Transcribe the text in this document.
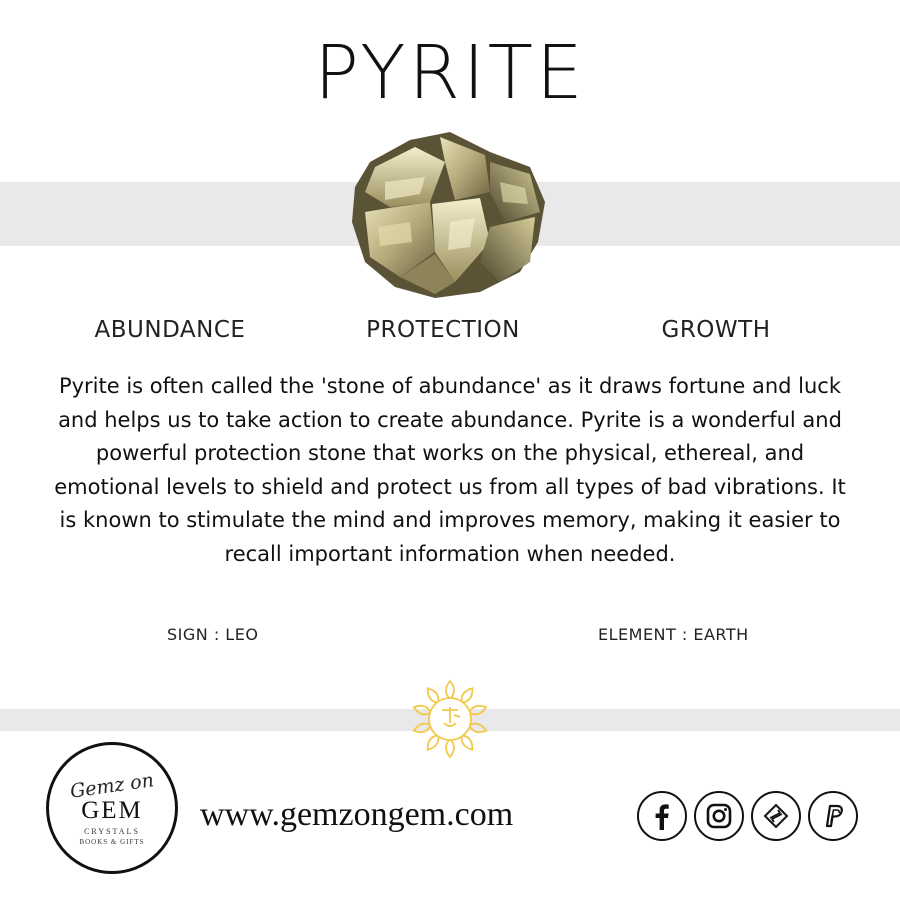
PYRITE
ABUNDANCE	PROTECTION	GROWTH
Pyrite is often called the 'stone of abundance' as it draws fortune and luck and helps us to take action to create abundance. Pyrite is a wonderful and powerful protection stone that works on the physical, ethereal, and emotional levels to shield and protect us from all types of bad vibrations. It is known to stimulate the mind and improves memory, making it easier to recall important information when needed.
SIGN : LEO	ELEMENT : EARTH
Gemz on
GEM
CRYSTALS
BOOKS & GIFTS
www.gemzongem.com
